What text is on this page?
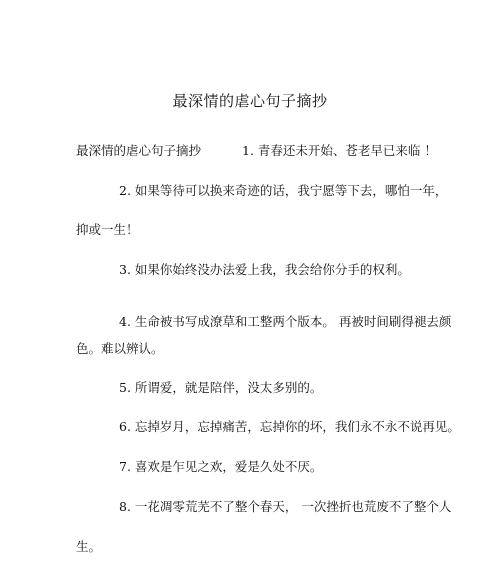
最深情的虐心句子摘抄
最深情的虐心句子摘抄	1. 青春还未开始、苍老早已来临 ！
2. 如果等待可以换来奇迹的话，我宁愿等下去，哪怕一年，
抑或一生！
3. 如果你始终没办法爱上我，我会给你分手的权利。
4. 生命被书写成潦草和工整两个版本。 再被时间刷得褪去颜
色。难以辨认。
5. 所谓爱，就是陪伴，没太多别的。
6. 忘掉岁月，忘掉痛苦，忘掉你的坏，我们永不永不说再见。
7. 喜欢是乍见之欢，爱是久处不厌。
8. 一花凋零荒芜不了整个春天， 一次挫折也荒废不了整个人
生。
